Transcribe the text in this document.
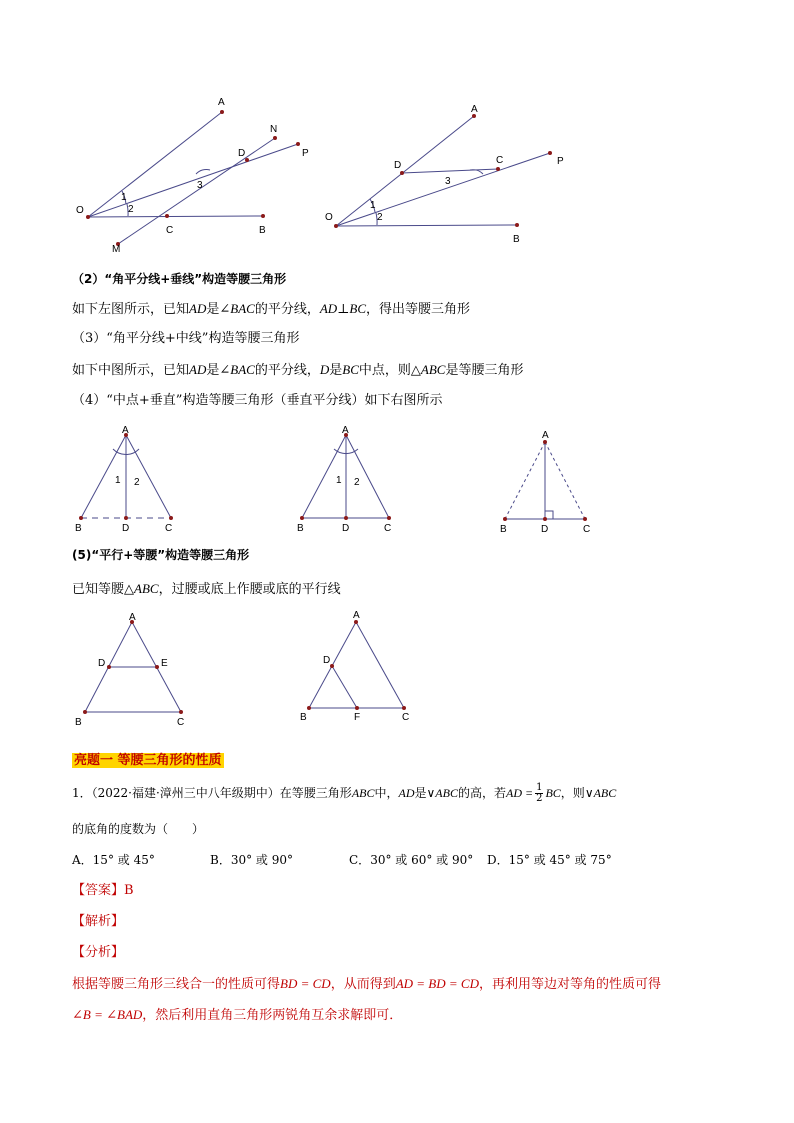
A
N
P
D
O
C	B
M
1
2
3
A
P
D	C
O
B
1
2
3
（2）“角平分线+垂线”构造等腰三角形
如下左图所示，已知AD是∠BAC的平分线，AD⊥BC，得出等腰三角形
（3）“角平分线+中线”构造等腰三角形
如下中图所示，已知AD是∠BAC的平分线，D是BC中点，则△ABC是等腰三角形
（4）“中点+垂直”构造等腰三角形（垂直平分线）如下右图所示
A
B	D	C
1 2
A
B	D	C
1 2
A
B	D	C
(5)“平行+等腰”构造等腰三角形
已知等腰△ABC，过腰或底上作腰或底的平行线
A
D	E
B	C
A
D
B	F	C
亮题一 等腰三角形的性质
1．（2022·福建·漳州三中八年级期中）在等腰三角形ABC中，AD是∨ABC的高，若AD = $\frac{1}{2}$ BC，则∨ABC
的底角的度数为（　　）
A．15° 或 45°	B．30° 或 90°	C．30° 或 60° 或 90° D．15° 或 45° 或 75°
【答案】B
【解析】
【分析】
根据等腰三角形三线合一的性质可得BD = CD，从而得到AD = BD = CD，再利用等边对等角的性质可得
∠B = ∠BAD，然后利用直角三角形两锐角互余求解即可．
